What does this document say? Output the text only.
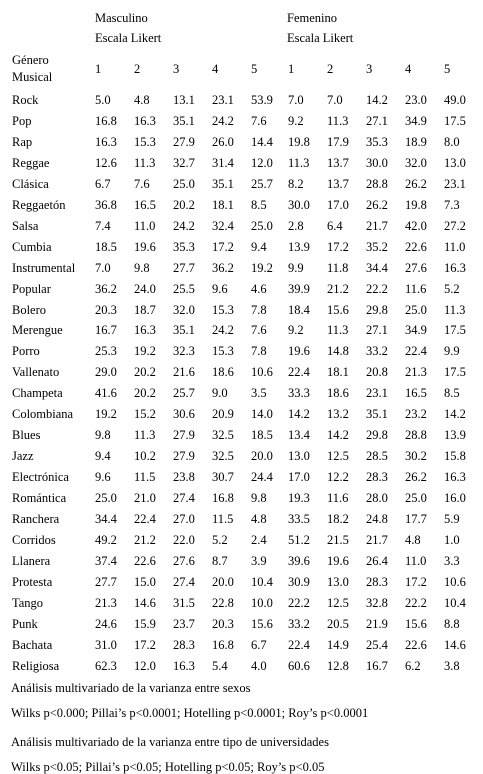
Masculino	Femenino
Escala Likert	Escala Likert
Género
Musical
1	2	3	4	5 1	2	3	4	5
Rock	5.0 4.8 13.1 23.1 53.9 7.0 7.0 14.2 23.0 49.0
Pop	16.8 16.3 35.1 24.2 7.6 9.2 11.3 27.1 34.9 17.5
Rap	16.3 15.3 27.9 26.0 14.4 19.8 17.9 35.3 18.9 8.0
Reggae	12.6 11.3 32.7 31.4 12.0 11.3 13.7 30.0 32.0 13.0
Clásica	6.7 7.6 25.0 35.1 25.7 8.2 13.7 28.8 26.2 23.1
Reggaetón 36.8 16.5 20.2 18.1 8.5 30.0 17.0 26.2 19.8 7.3
Salsa	7.4 11.0 24.2 32.4 25.0 2.8 6.4 21.7 42.0 27.2
Cumbia	18.5 19.6 35.3 17.2 9.4 13.9 17.2 35.2 22.6 11.0
Instrumental 7.0 9.8 27.7 36.2 19.2 9.9 11.8 34.4 27.6 16.3
Popular	36.2 24.0 25.5 9.6 4.6 39.9 21.2 22.2 11.6 5.2
Bolero	20.3 18.7 32.0 15.3 7.8 18.4 15.6 29.8 25.0 11.3
Merengue	16.7 16.3 35.1 24.2 7.6 9.2 11.3 27.1 34.9 17.5
Porro	25.3 19.2 32.3 15.3 7.8 19.6 14.8 33.2 22.4 9.9
Vallenato	29.0 20.2 21.6 18.6 10.6 22.4 18.1 20.8 21.3 17.5
Champeta	41.6 20.2 25.7 9.0 3.5 33.3 18.6 23.1 16.5 8.5
Colombiana 19.2 15.2 30.6 20.9 14.0 14.2 13.2 35.1 23.2 14.2
Blues	9.8 11.3 27.9 32.5 18.5 13.4 14.2 29.8 28.8 13.9
Jazz	9.4 10.2 27.9 32.5 20.0 13.0 12.5 28.5 30.2 15.8
Electrónica 9.6 11.5 23.8 30.7 24.4 17.0 12.2 28.3 26.2 16.3
Romántica 25.0 21.0 27.4 16.8 9.8 19.3 11.6 28.0 25.0 16.0
Ranchera	34.4 22.4 27.0 11.5 4.8 33.5 18.2 24.8 17.7 5.9
Corridos	49.2 21.2 22.0 5.2 2.4 51.2 21.5 21.7 4.8 1.0
Llanera	37.4 22.6 27.6 8.7 3.9 39.6 19.6 26.4 11.0 3.3
Protesta	27.7 15.0 27.4 20.0 10.4 30.9 13.0 28.3 17.2 10.6
Tango	21.3 14.6 31.5 22.8 10.0 22.2 12.5 32.8 22.2 10.4
Punk	24.6 15.9 23.7 20.3 15.6 33.2 20.5 21.9 15.6 8.8
Bachata	31.0 17.2 28.3 16.8 6.7 22.4 14.9 25.4 22.6 14.6
Religiosa	62.3 12.0 16.3 5.4 4.0 60.6 12.8 16.7 6.2 3.8
Análisis multivariado de la varianza entre sexos
Wilks p<0.000; Pillai’s p<0.0001; Hotelling p<0.0001; Roy’s p<0.0001
Análisis multivariado de la varianza entre tipo de universidades
Wilks p<0.05; Pillai’s p<0.05; Hotelling p<0.05; Roy’s p<0.05
